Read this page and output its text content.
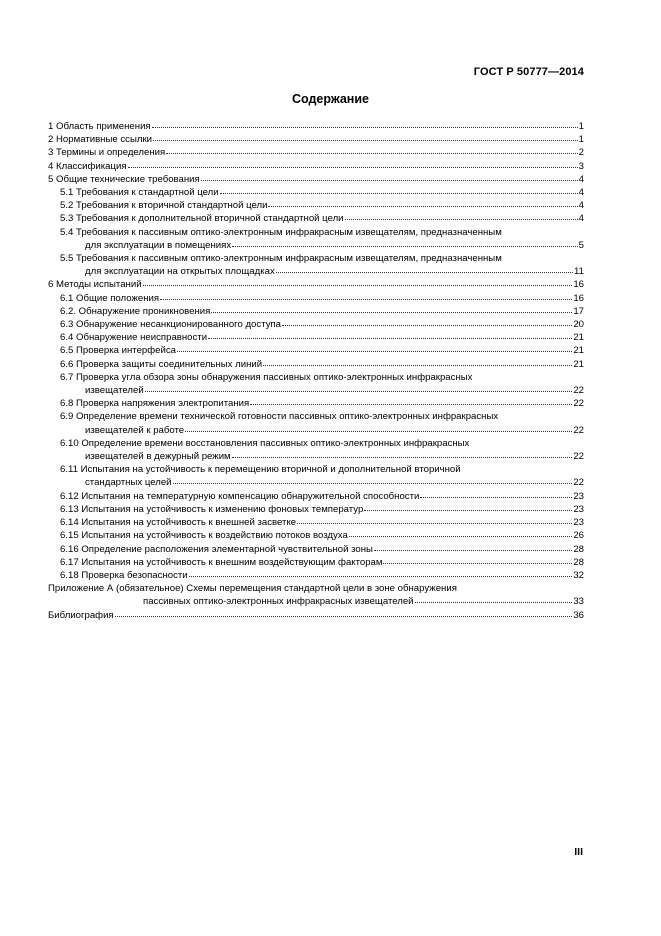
ГОСТ Р 50777—2014
Содержание
1 Область применения	1
2 Нормативные ссылки	1
3 Термины и определения	2
4 Классификация	3
5 Общие технические требования	4
5.1 Требования к стандартной цели	4
5.2 Требования к вторичной стандартной цели	4
5.3 Требования к дополнительной вторичной стандартной цели	4
5.4 Требования к пассивным оптико-электронным инфракрасным извещателям, предназначенным
для эксплуатации в помещениях	5
5.5 Требования к пассивным оптико-электронным инфракрасным извещателям, предназначенным
для эксплуатации на открытых площадках	11
6 Методы испытаний	16
6.1 Общие положения	16
6.2. Обнаружение проникновения	17
6.3 Обнаружение несанкционированного доступа	20
6.4 Обнаружение неисправности	21
6.5 Проверка интерфейса	21
6.6 Проверка защиты соединительных линий	21
6.7 Проверка угла обзора зоны обнаружения пассивных оптико-электронных инфракрасных
извещателей	22
6.8 Проверка напряжения электропитания	22
6.9 Определение времени технической готовности пассивных оптико-электронных инфракрасных
извещателей к работе	22
6.10 Определение времени восстановления пассивных оптико-электронных инфракрасных
извещателей в дежурный режим	22
6.11 Испытания на устойчивость к перемещению вторичной и дополнительной вторичной
стандартных целей	22
6.12 Испытания на температурную компенсацию обнаружительной способности	23
6.13 Испытания на устойчивость к изменению фоновых температур	23
6.14 Испытания на устойчивость к внешней засветке	23
6.15 Испытания на устойчивость к воздействию потоков воздуха	26
6.16 Определение расположения элементарной чувствительной зоны	28
6.17 Испытания на устойчивость к внешним воздействующим факторам	28
6.18 Проверка безопасности	32
Приложение А (обязательное) Схемы перемещения стандартной цели в зоне обнаружения
пассивных оптико-электронных инфракрасных извещателей	33
Библиография	36
III
